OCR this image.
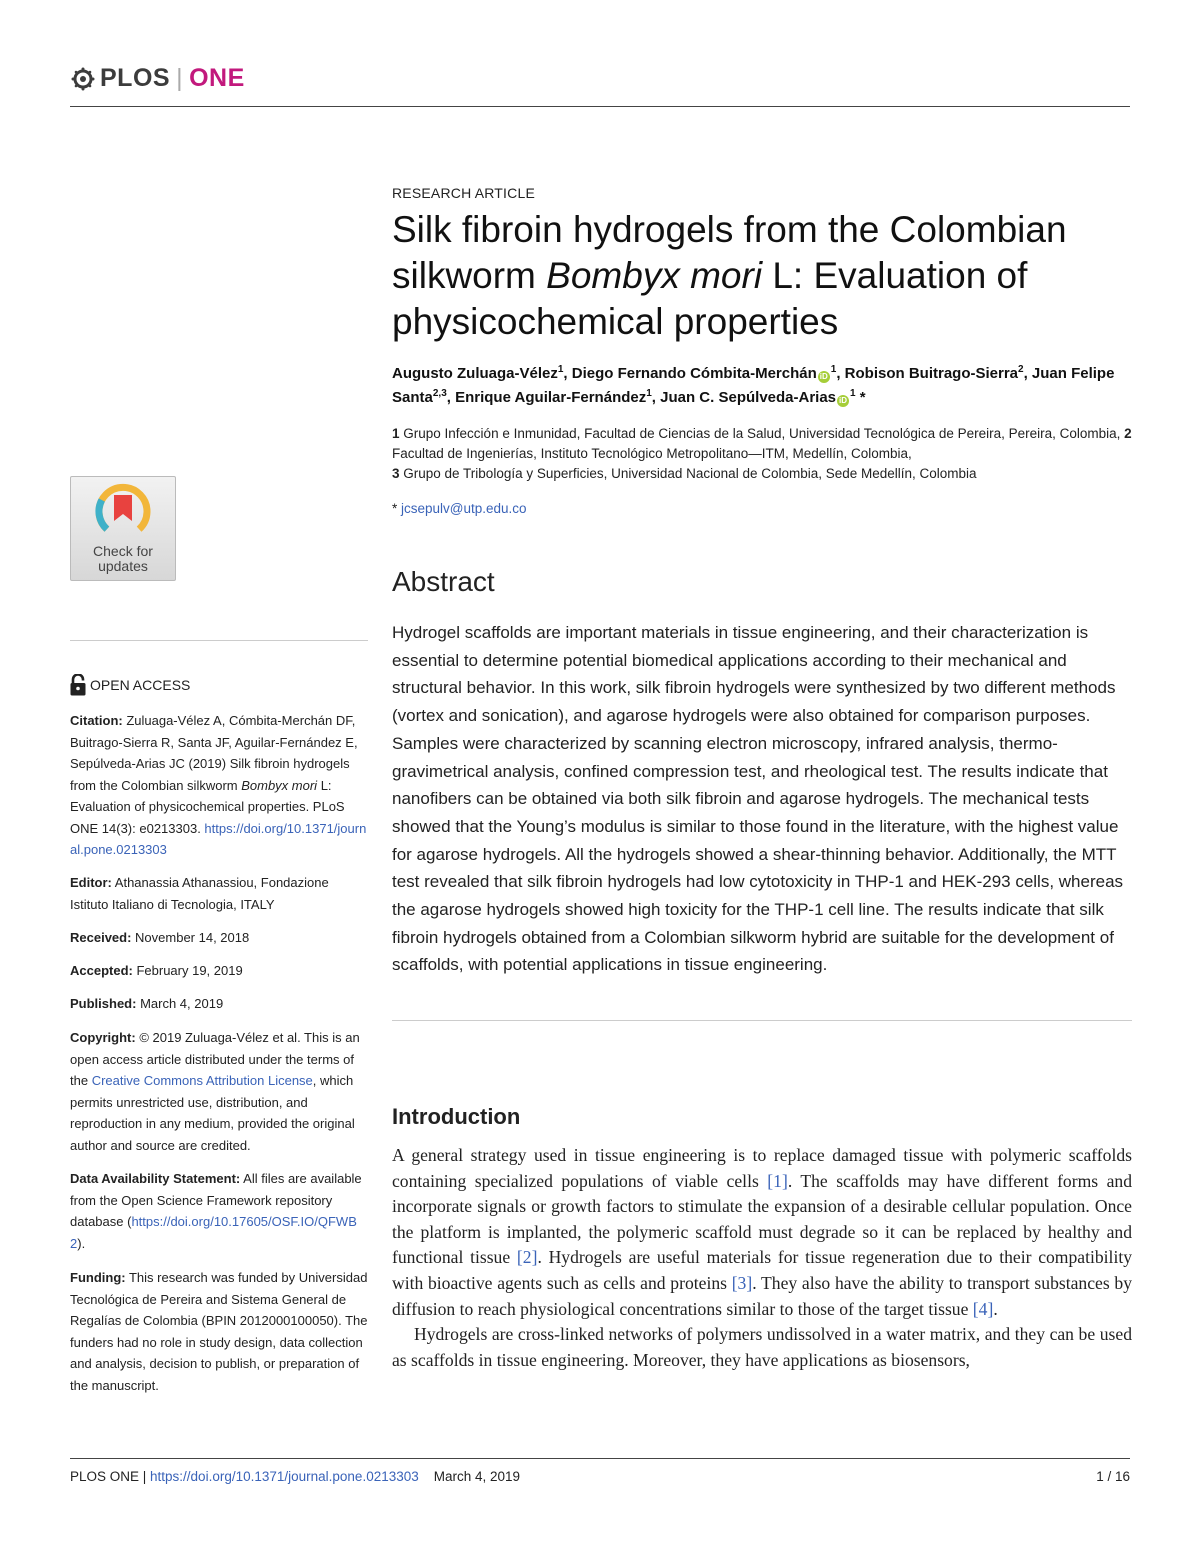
PLOS | ONE
Check for
updates
OPEN ACCESS
Citation: Zuluaga-Vélez A, Cómbita-Merchán DF, Buitrago-Sierra R, Santa JF, Aguilar-Fernández E, Sepúlveda-Arias JC (2019) Silk fibroin hydrogels from the Colombian silkworm Bombyx mori L: Evaluation of physicochemical properties. PLoS ONE 14(3): e0213303. https://doi.org/10.1371/journal.pone.0213303
Editor: Athanassia Athanassiou, Fondazione Istituto Italiano di Tecnologia, ITALY
Received: November 14, 2018
Accepted: February 19, 2019
Published: March 4, 2019
Copyright: © 2019 Zuluaga-Vélez et al. This is an open access article distributed under the terms of the Creative Commons Attribution License, which permits unrestricted use, distribution, and reproduction in any medium, provided the original author and source are credited.
Data Availability Statement: All files are available from the Open Science Framework repository database (https://doi.org/10.17605/OSF.IO/QFWB2).
Funding: This research was funded by Universidad Tecnológica de Pereira and Sistema General de Regalías de Colombia (BPIN 2012000100050). The funders had no role in study design, data collection and analysis, decision to publish, or preparation of the manuscript.
RESEARCH ARTICLE
Silk fibroin hydrogels from the Colombian silkworm Bombyx mori L: Evaluation of physicochemical properties
Augusto Zuluaga-Vélez$^1$, Diego Fernando Cómbita-Merchán $iD^1$, Robison Buitrago-Sierra$^2$, Juan Felipe Santa$^{2,3}$, Enrique Aguilar-Fernández$^1$, Juan C. Sepúlveda-Arias $iD^1$ *
1 Grupo Infección e Inmunidad, Facultad de Ciencias de la Salud, Universidad Tecnológica de Pereira, Pereira, Colombia, 2 Facultad de Ingenierías, Instituto Tecnológico Metropolitano—ITM, Medellín, Colombia,
3 Grupo de Tribología y Superficies, Universidad Nacional de Colombia, Sede Medellín, Colombia
* jcsepulv@utp.edu.co
Abstract
Hydrogel scaffolds are important materials in tissue engineering, and their characterization is essential to determine potential biomedical applications according to their mechanical and structural behavior. In this work, silk fibroin hydrogels were synthesized by two different methods (vortex and sonication), and agarose hydrogels were also obtained for comparison purposes. Samples were characterized by scanning electron microscopy, infrared analysis, thermo-gravimetrical analysis, confined compression test, and rheological test. The results indicate that nanofibers can be obtained via both silk fibroin and agarose hydrogels. The mechanical tests showed that the Young’s modulus is similar to those found in the literature, with the highest value for agarose hydrogels. All the hydrogels showed a shear-thinning behavior. Additionally, the MTT test revealed that silk fibroin hydrogels had low cytotoxicity in THP-1 and HEK-293 cells, whereas the agarose hydrogels showed high toxicity for the THP-1 cell line. The results indicate that silk fibroin hydrogels obtained from a Colombian silkworm hybrid are suitable for the development of scaffolds, with potential applications in tissue engineering.
Introduction

A general strategy used in tissue engineering is to replace damaged tissue with polymeric scaffolds containing specialized populations of viable cells [1]. The scaffolds may have different forms and incorporate signals or growth factors to stimulate the expansion of a desirable cellular population. Once the platform is implanted, the polymeric scaffold must degrade so it can be replaced by healthy and functional tissue [2]. Hydrogels are useful materials for tissue regeneration due to their compatibility with bioactive agents such as cells and proteins [3]. They also have the ability to transport substances by diffusion to reach physiological concentrations similar to those of the target tissue [4].

Hydrogels are cross-linked networks of polymers undissolved in a water matrix, and they can be used as scaffolds in tissue engineering. Moreover, they have applications as biosensors,

PLOS ONE | https://doi.org/10.1371/journal.pone.0213303    March 4, 2019	1 / 16
